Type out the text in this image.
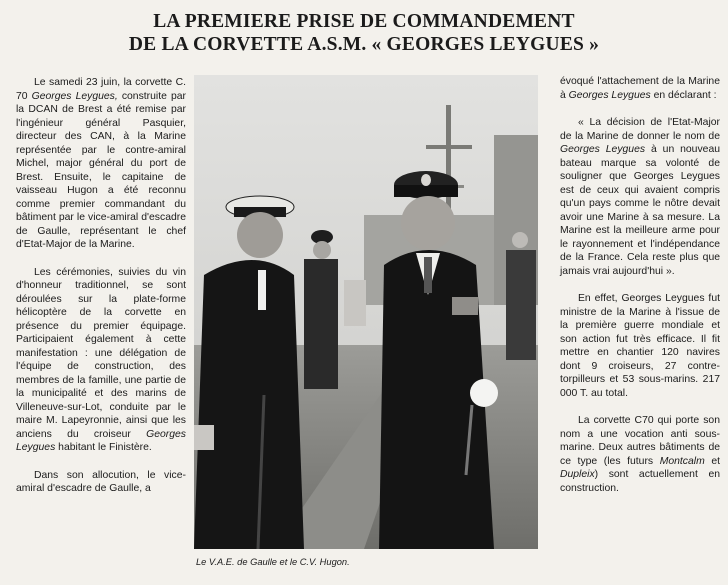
LA PREMIERE PRISE DE COMMANDEMENT
DE LA CORVETTE A.S.M. « GEORGES LEYGUES »

Le samedi 23 juin, la corvette C. 70 Georges Leygues, construite par la DCAN de Brest a été remise par l'ingénieur général Pasquier, directeur des CAN, à la Marine représentée par le contre-amiral Michel, major général du port de Brest. Ensuite, le capitaine de vaisseau Hugon a été reconnu comme premier commandant du bâtiment par le vice-amiral d'escadre de Gaulle, représentant le chef d'Etat-Major de la Marine.

Les cérémonies, suivies du vin d'honneur traditionnel, se sont déroulées sur la plate-forme hélicoptère de la corvette en présence du premier équipage. Participaient également à cette manifestation : une délégation de l'équipe de construction, des membres de la famille, une partie de la municipalité et des marins de Villeneuve-sur-Lot, conduite par le maire M. Lapeyronnie, ainsi que les anciens du croiseur Georges Leygues habitant le Finistère.

Dans son allocution, le vice-amiral d'escadre de Gaulle, a

Le V.A.E. de Gaulle et le C.V. Hugon.

évoqué l'attachement de la Marine à Georges Leygues en déclarant :

« La décision de l'Etat-Major de la Marine de donner le nom de Georges Leygues à un nouveau bateau marque sa volonté de souligner que Georges Leygues est de ceux qui avaient compris qu'un pays comme le nôtre devait avoir une Marine à sa mesure. La Marine est la meilleure arme pour le rayonnement et l'indépendance de la France. Cela reste plus que jamais vrai aujourd'hui ».

En effet, Georges Leygues fut ministre de la Marine à l'issue de la première guerre mondiale et son action fut très efficace. Il fit mettre en chantier 120 navires dont 9 croiseurs, 27 contre-torpilleurs et 53 sous-marins. 217 000 T. au total.

La corvette C70 qui porte son nom a une vocation anti sous-marine. Deux autres bâtiments de ce type (les futurs Montcalm et Dupleix) sont actuellement en construction.
